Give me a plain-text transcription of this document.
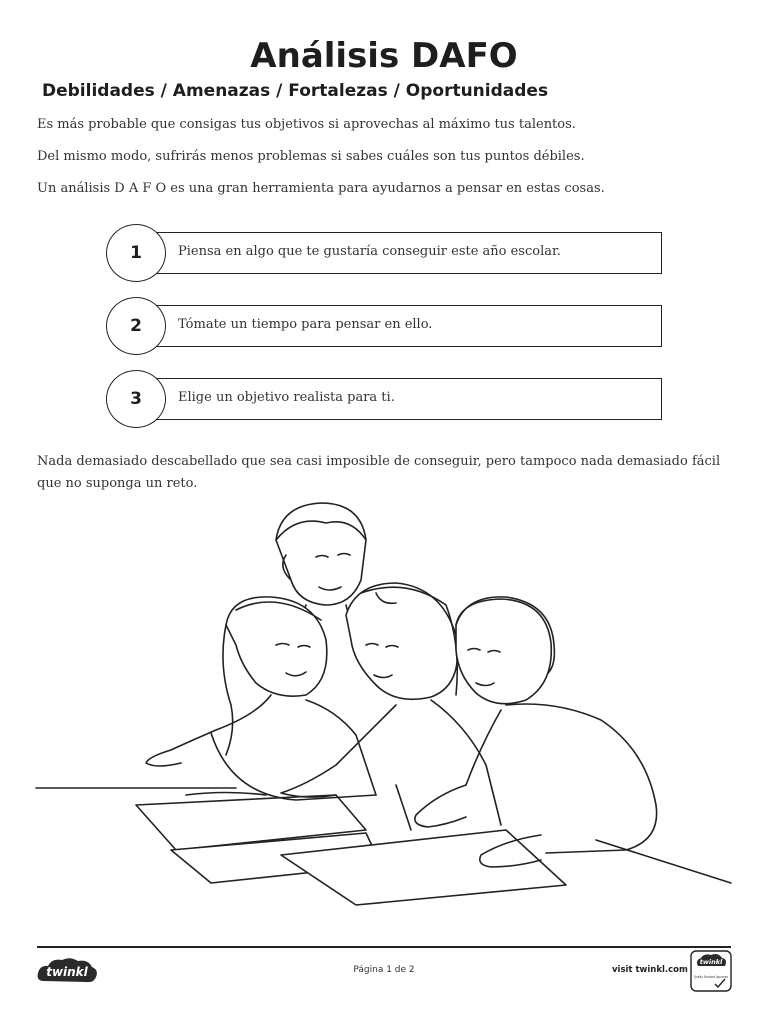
Análisis DAFO
Debilidades / Amenazas / Fortalezas / Oportunidades

Es más probable que consigas tus objetivos si aprovechas al máximo tus talentos.

Del mismo modo, sufrirás menos problemas si sabes cuáles son tus puntos débiles.

Un análisis D A F O es una gran herramienta para ayudarnos a pensar en estas cosas.

Piensa en algo que te gustaría conseguir este año escolar.
1
Tómate un tiempo para pensar en ello.
2
Elige un objetivo realista para ti.
3

Nada demasiado descabellado que sea casi imposible de conseguir, pero tampoco nada demasiado fácil que no suponga un reto.

twinkl	Página 1 de 2	visit twinkl.com
twinkl
Quality Standard Approved
